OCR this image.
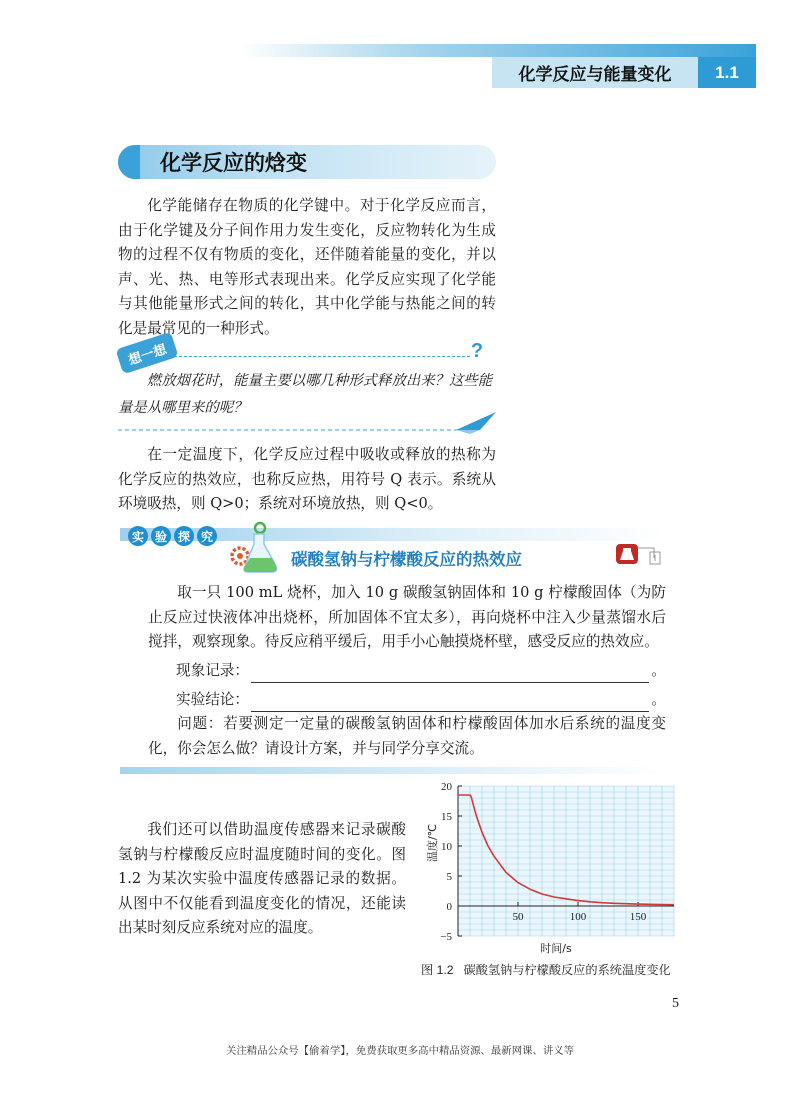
化学反应与能量变化	1.1
化学反应的焓变
化学能储存在物质的化学键中。对于化学反应而言，由于化学键及分子间作用力发生变化，反应物转化为生成物的过程不仅有物质的变化，还伴随着能量的变化，并以声、光、热、电等形式表现出来。化学反应实现了化学能与其他能量形式之间的转化，其中化学能与热能之间的转化是最常见的一种形式。
想一想	?
燃放烟花时，能量主要以哪几种形式释放出来？这些能量是从哪里来的呢？
在一定温度下，化学反应过程中吸收或释放的热称为化学反应的热效应，也称反应热，用符号 Q 表示。系统从环境吸热，则 Q>0；系统对环境放热，则 Q<0。
实 验 探 究
碳酸氢钠与柠檬酸反应的热效应
取一只 100 mL 烧杯，加入 10 g 碳酸氢钠固体和 10 g 柠檬酸固体（为防止反应过快液体冲出烧杯，所加固体不宜太多），再向烧杯中注入少量蒸馏水后搅拌，观察现象。待反应稍平缓后，用手小心触摸烧杯壁，感受反应的热效应。
现象记录：	。
实验结论：	。
问题：若要测定一定量的碳酸氢钠固体和柠檬酸固体加水后系统的温度变化，你会怎么做？请设计方案，并与同学分享交流。
我们还可以借助温度传感器来记录碳酸氢钠与柠檬酸反应时温度随时间的变化。图 1.2 为某次实验中温度传感器记录的数据。从图中不仅能看到温度变化的情况，还能读出某时刻反应系统对应的温度。
−5
0
5
10
15
20
50	100	150
时间/s
温度/℃
图 1.2 碳酸氢钠与柠檬酸反应的系统温度变化
5
关注精品公众号【偷着学】，免费获取更多高中精品资源、最新网课、讲义等
